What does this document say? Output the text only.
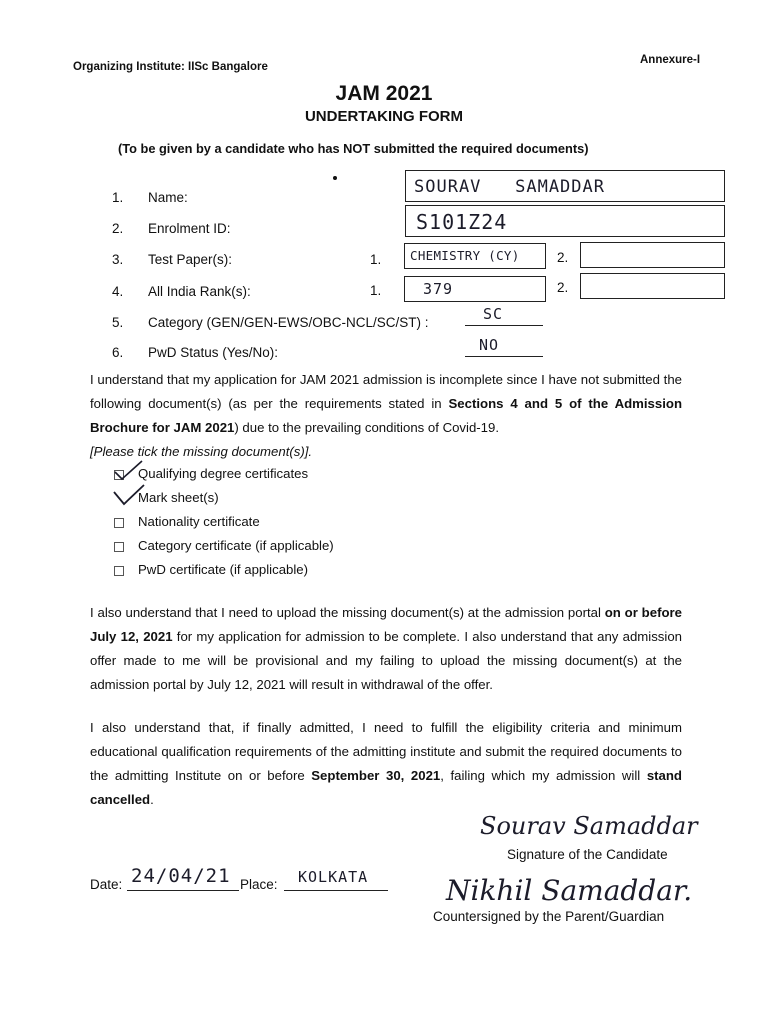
Organizing Institute: IISc Bangalore
Annexure-I
JAM 2021
UNDERTAKING FORM
(To be given by a candidate who has NOT submitted the required documents)
1. Name:
SOURAV   SAMADDAR
2. Enrolment ID:	S101Z24
3. Test Paper(s):	1. CHEMISTRY (CY)	2.
4. All India Rank(s):	1.	379	2.
5. Category (GEN/GEN-EWS/OBC-NCL/SC/ST) :	SC
6. PwD Status (Yes/No):	NO
I understand that my application for JAM 2021 admission is incomplete since I have not submitted the following document(s) (as per the requirements stated in Sections 4 and 5 of the Admission Brochure for JAM 2021) due to the prevailing conditions of Covid-19.
[Please tick the missing document(s)].
Qualifying degree certificates
Mark sheet(s)
Nationality certificate
Category certificate (if applicable)
PwD certificate (if applicable)
I also understand that I need to upload the missing document(s) at the admission portal on or before July 12, 2021 for my application for admission to be complete. I also understand that any admission offer made to me will be provisional and my failing to upload the missing document(s) at the admission portal by July 12, 2021 will result in withdrawal of the offer.
I also understand that, if finally admitted, I need to fulfill the eligibility criteria and minimum educational qualification requirements of the admitting institute and submit the required documents to the admitting Institute on or before September 30, 2021, failing which my admission will stand cancelled.
Sourav Samaddar
Signature of the Candidate
Date: 24/04/21 Place: KOLKATA	Nikhil Samaddar.
Countersigned by the Parent/Guardian
